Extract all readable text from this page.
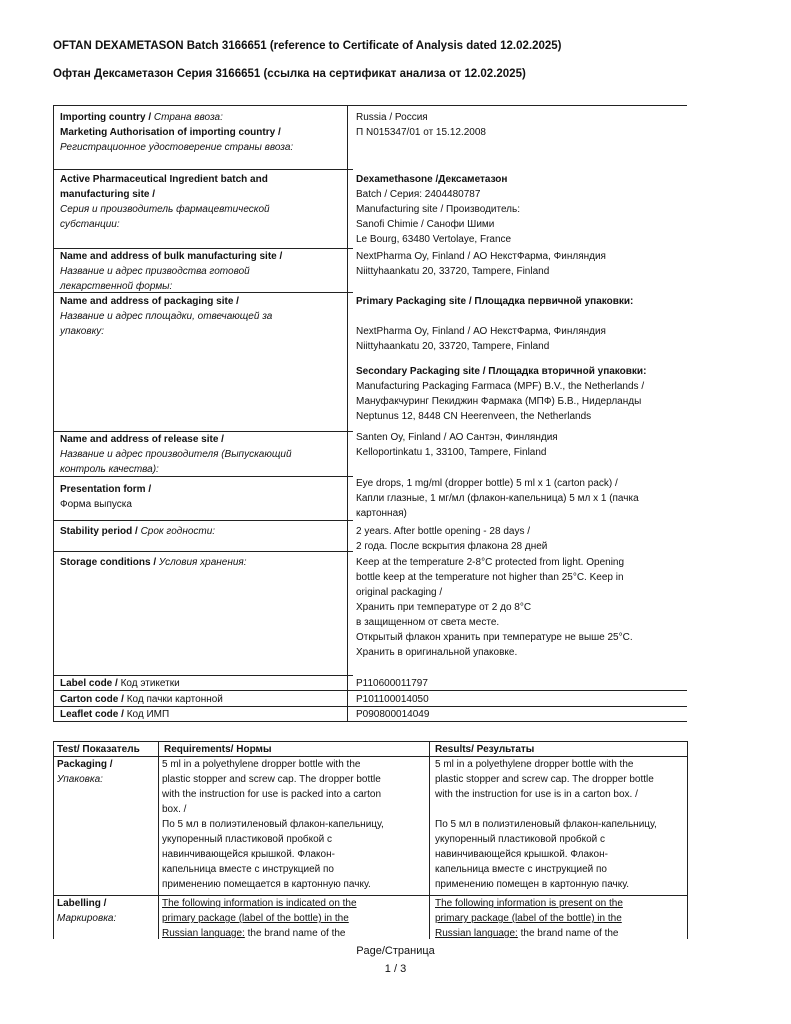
OFTAN DEXAMETASON Batch 3166651 (reference to Certificate of Analysis dated 12.02.2025)
Офтан Дексаметазон Серия 3166651 (ссылка на сертификат анализа от 12.02.2025)
Importing country / Страна ввоза:
Marketing Authorisation of importing country /
Регистрационное удостоверение страны ввоза:
Active Pharmaceutical Ingredient batch and
manufacturing site /
Серия и производитель фармацевтической
субстанции:
Name and address of bulk manufacturing site /
Название и адрес призводства готовой
лекарственной формы:
Name and address of packaging site /
Название и адрес площадки, отвечающей за
упаковку:
Name and address of release site /
Название и адрес производителя (Выпускающий
контроль качества):
Presentation form /
Форма выпуска
Stability period / Срок годности:
Storage conditions / Условия хранения:
Label code / Код этикетки
Carton code / Код пачки картонной
Leaflet code / Код ИМП
Russia / Россия
П N015347/01 от 15.12.2008
Dexamethasone /Дексаметазон
Batch / Серия: 2404480787
Manufacturing site / Производитель:
Sanofi Chimie / Санофи Шими
Le Bourg, 63480 Vertolaye, France
NextPharma Oy, Finland / АО НекстФарма, Финляндия
Niittyhaankatu 20, 33720, Tampere, Finland
Primary Packaging site / Площадка первичной упаковки:
NextPharma Oy, Finland / АО НекстФарма, Финляндия
Niittyhaankatu 20, 33720, Tampere, Finland
Secondary Packaging site / Площадка вторичной упаковки:
Manufacturing Packaging Farmaca (MPF) B.V., the Netherlands /
Мануфакчуринг Пекиджин Фармака (МПФ) Б.В., Нидерланды
Neptunus 12, 8448 CN Heerenveen, the Netherlands
Santen Oy, Finland / АО Сантэн, Финляндия
Kelloportinkatu 1, 33100, Tampere, Finland
Eye drops, 1 mg/ml (dropper bottle) 5 ml x 1 (carton pack) /
Капли глазные, 1 мг/мл (флакон-капельница) 5 мл x 1 (пачка
картонная)
2 years. After bottle opening - 28 days /
2 года. После вскрытия флакона 28 дней
Keep at the temperature 2-8°C protected from light. Opening
bottle keep at the temperature not higher than 25°C. Keep in
original packaging /
Хранить при температуре от 2 до 8°C
в защищенном от света месте.
Открытый флакон хранить при температуре не выше 25°C.
Хранить в оригинальной упаковке.
P110600011797
P101100014050
P090800014049
Test/ Показатель Requirements/ Нормы	Results/ Результаты
Packaging /
Упаковка:
5 ml in a polyethylene dropper bottle with the
plastic stopper and screw cap. The dropper bottle
with the instruction for use is packed into a carton
box. /
По 5 мл в полиэтиленовый флакон-капельницу,
укупоренный пластиковой пробкой с
навинчивающейся крышкой. Флакон-
капельница вместе с инструкцией по
применению помещается в картонную пачку.
5 ml in a polyethylene dropper bottle with the
plastic stopper and screw cap. The dropper bottle
with the instruction for use is in a carton box. /
По 5 мл в полиэтиленовый флакон-капельницу,
укупоренный пластиковой пробкой с
навинчивающейся крышкой. Флакон-
капельница вместе с инструкцией по
применению помещен в картонную пачку.
Labelling /
Маркировка:
The following information is indicated on the
primary package (label of the bottle) in the
Russian language: the brand name of the
The following information is present on the
primary package (label of the bottle) in the
Russian language: the brand name of the
Page/Страница
1 / 3
